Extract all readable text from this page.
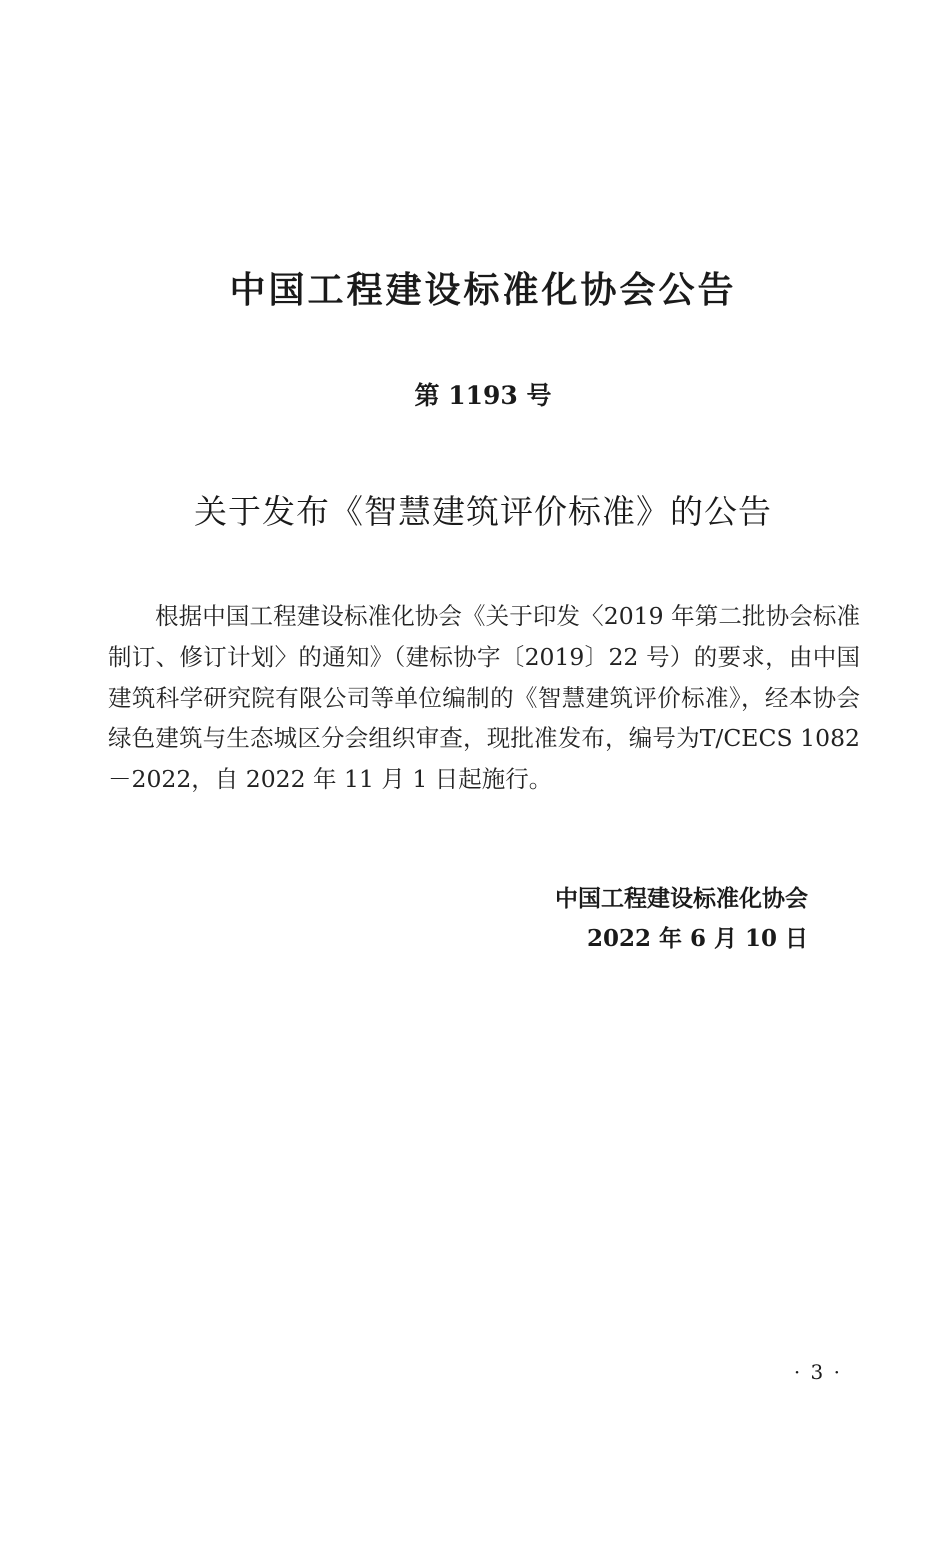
中国工程建设标准化协会公告
第 1193 号
关于发布《智慧建筑评价标准》的公告

根据中国工程建设标准化协会《关于印发〈2019 年第二批协会标准制订、修订计划〉的通知》（建标协字〔2019〕22 号）的要求，由中国建筑科学研究院有限公司等单位编制的《智慧建筑评价标准》，经本协会绿色建筑与生态城区分会组织审查，现批准发布，编号为T/CECS 1082－2022，自 2022 年 11 月 1 日起施行。

中国工程建设标准化协会
2022 年 6 月 10 日
· 3 ·
